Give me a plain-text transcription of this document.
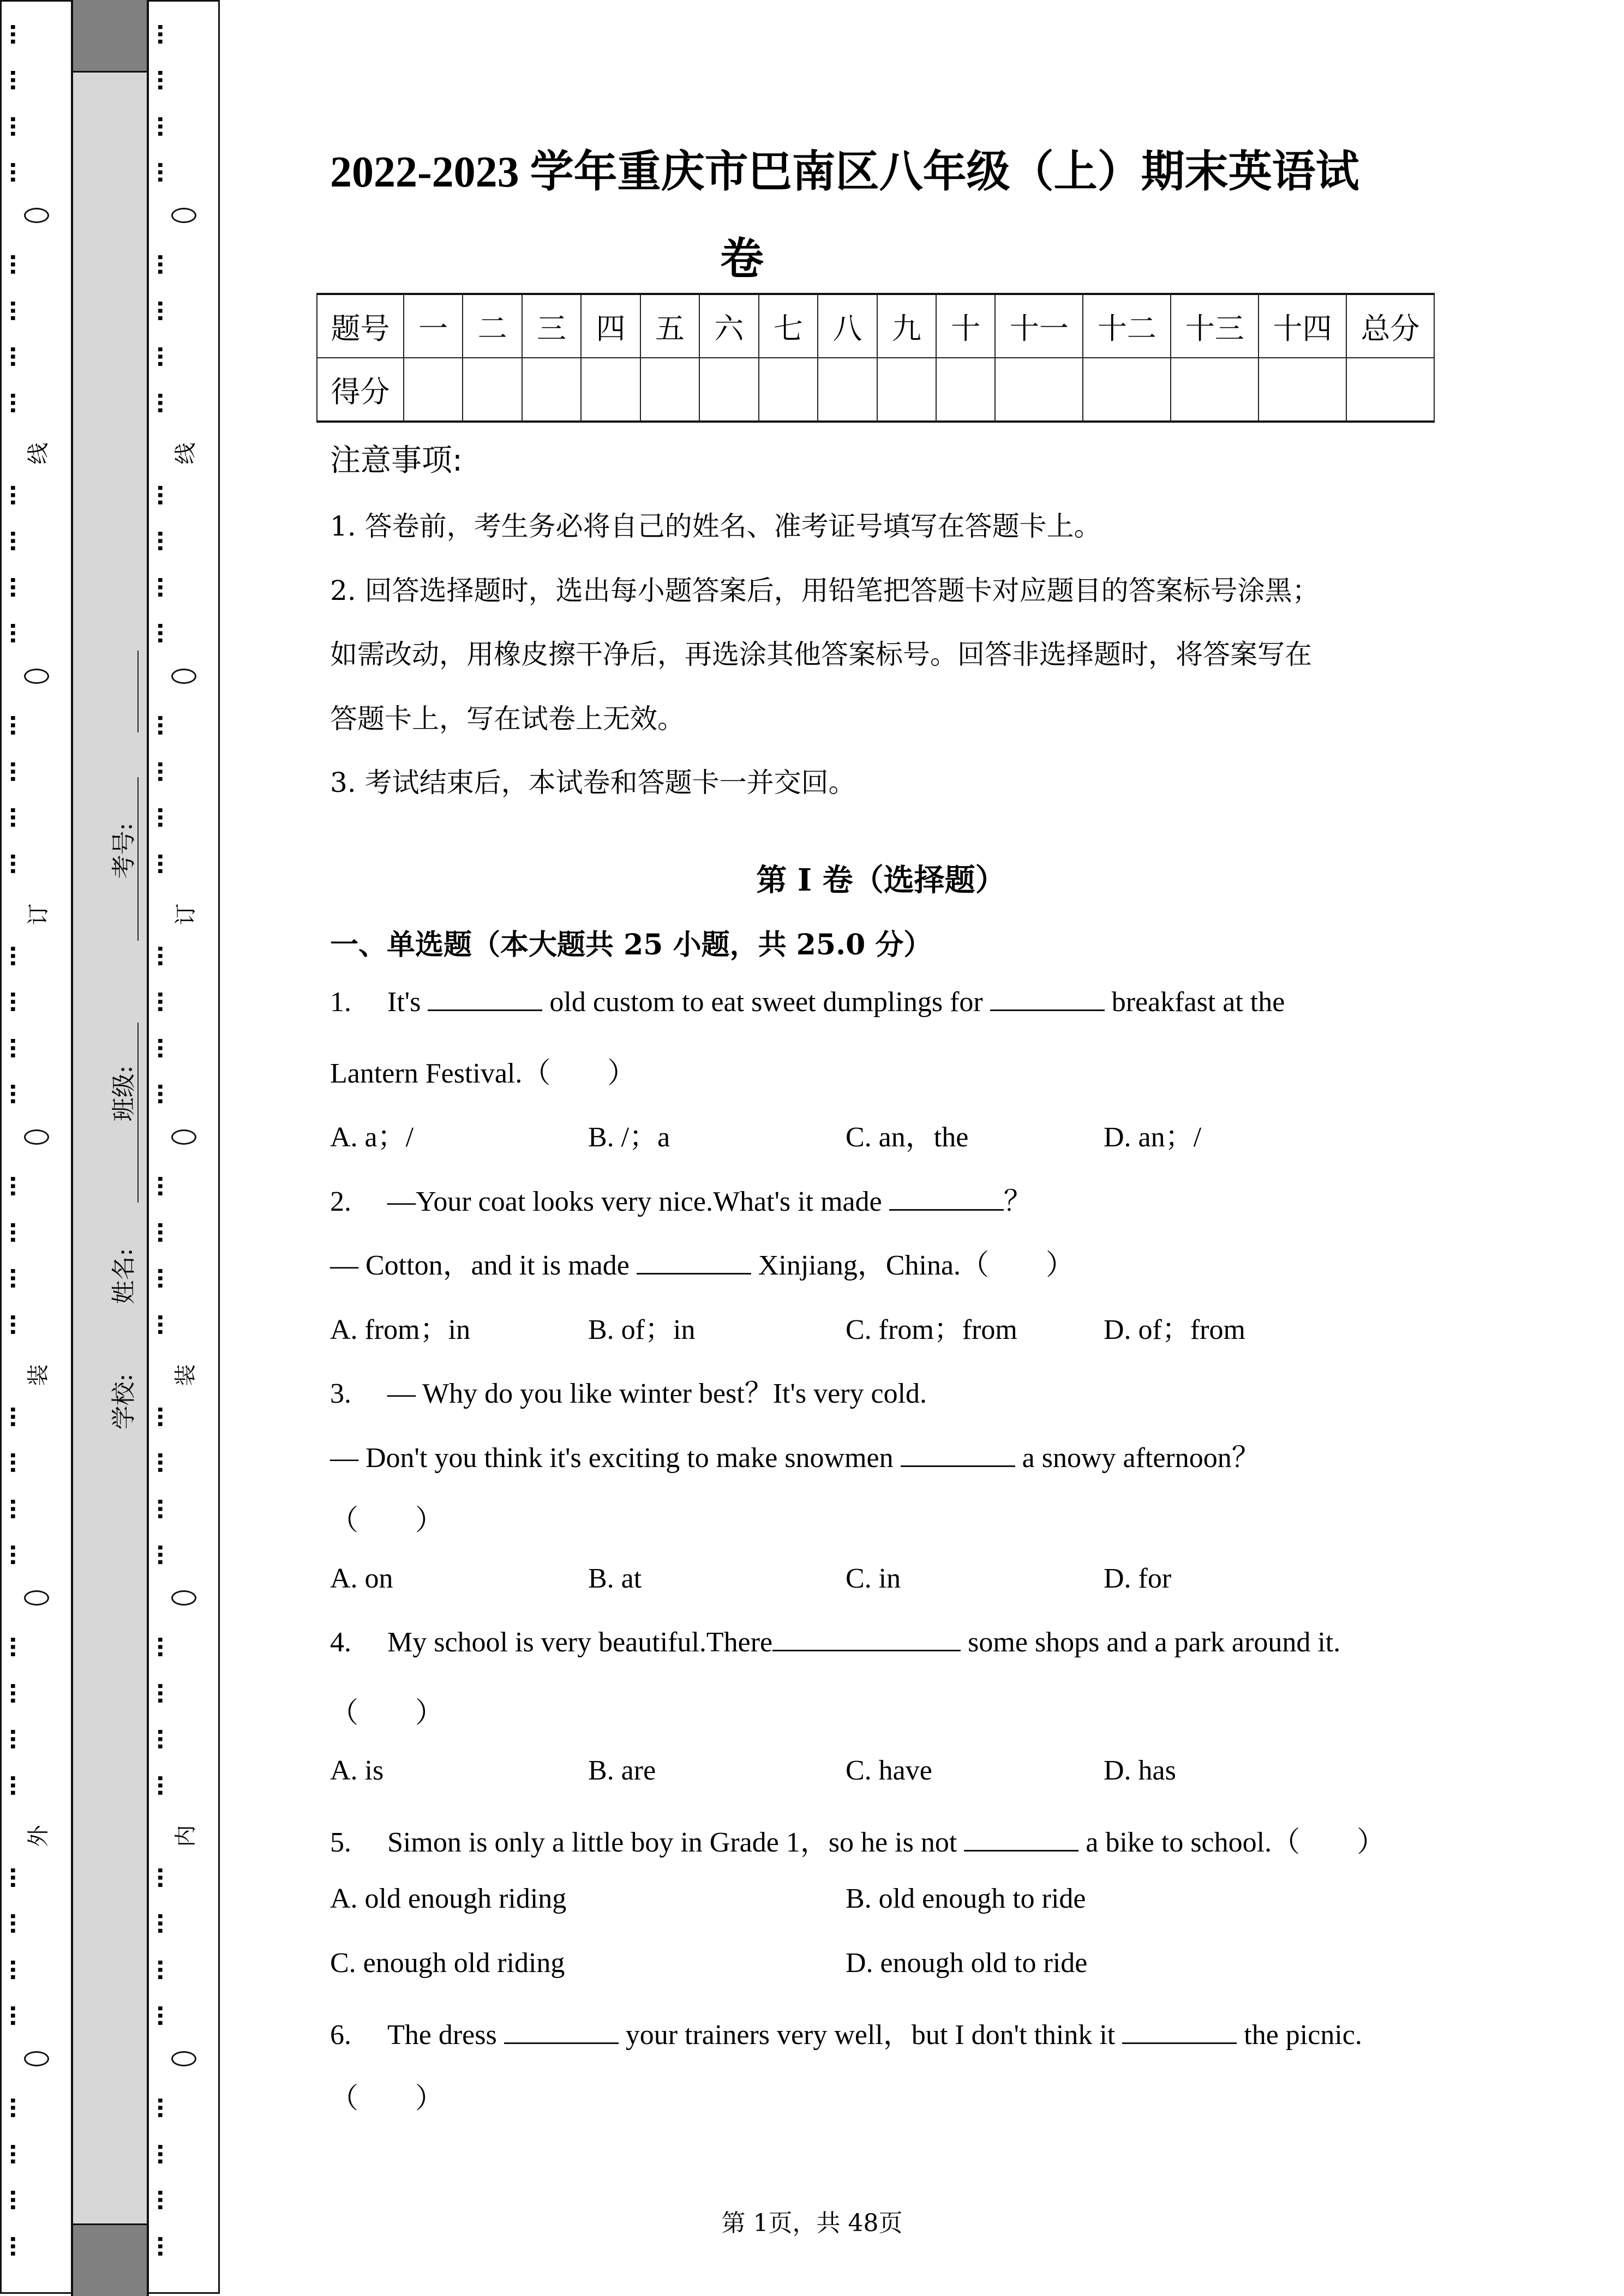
⋯
⋯
⋯
⋯
⋯
⋯
⋯
⋯
线
⋯
⋯
⋯
⋯
⋯
⋯
⋯
⋯
订
⋯
⋯
⋯
⋯
⋯
⋯
⋯
⋯
装
⋯
⋯
⋯
⋯
⋯
⋯
⋯
⋯
外
⋯
⋯
⋯
⋯
⋯
⋯
⋯
⋯
考号:
班级:
姓名:
学校:
⋯
⋯
⋯
⋯
⋯
⋯
⋯
⋯
线
⋯
⋯
⋯
⋯
⋯
⋯
⋯
⋯
订
⋯
⋯
⋯
⋯
⋯
⋯
⋯
⋯
装
⋯
⋯
⋯
⋯
⋯
⋯
⋯
⋯
内
⋯
⋯
⋯
⋯
⋯
⋯
⋯
⋯
2022-2023 学年重庆市巴南区八年级（上）期末英语试
卷
题号	一	二	三	四	五	六	七	八	九	十	十一	十二	十三	十四	总分
得分															
注意事项:
1. 答卷前，考生务必将自己的姓名、准考证号填写在答题卡上。
2. 回答选择题时，选出每小题答案后，用铅笔把答题卡对应题目的答案标号涂黑；
如需改动，用橡皮擦干净后，再选涂其他答案标号。回答非选择题时，将答案写在
答题卡上，写在试卷上无效。
3. 考试结束后，本试卷和答题卡一并交回。
第 I 卷（选择题）
一、单选题（本大题共 25 小题，共 25.0 分）
1. It's	old custom to eat sweet dumplings for	breakfast at the
Lantern Festival.（　　）
A. a；/	B. /；a	C. an，the	D. an；/
2. —Your coat looks very nice.What's it made	？
— Cotton，and it is made	Xinjiang，China.（　　）
A. from；in	B. of；in	C. from；from	D. of；from
3. — Why do you like winter best？It's very cold.
— Don't you think it's exciting to make snowmen	a snowy afternoon？
（　　）
A. on	B. at	C. in	D. for
4. My school is very beautiful.There	some shops and a park around it.
（　　）
A. is	B. are	C. have	D. has
5. Simon is only a little boy in Grade 1，so he is not	a bike to school.（　　）
A. old enough riding	B. old enough to ride
C. enough old riding	D. enough old to ride
6. The dress	your trainers very well，but I don't think it	the picnic.
（　　）
第 1页，共 48页
